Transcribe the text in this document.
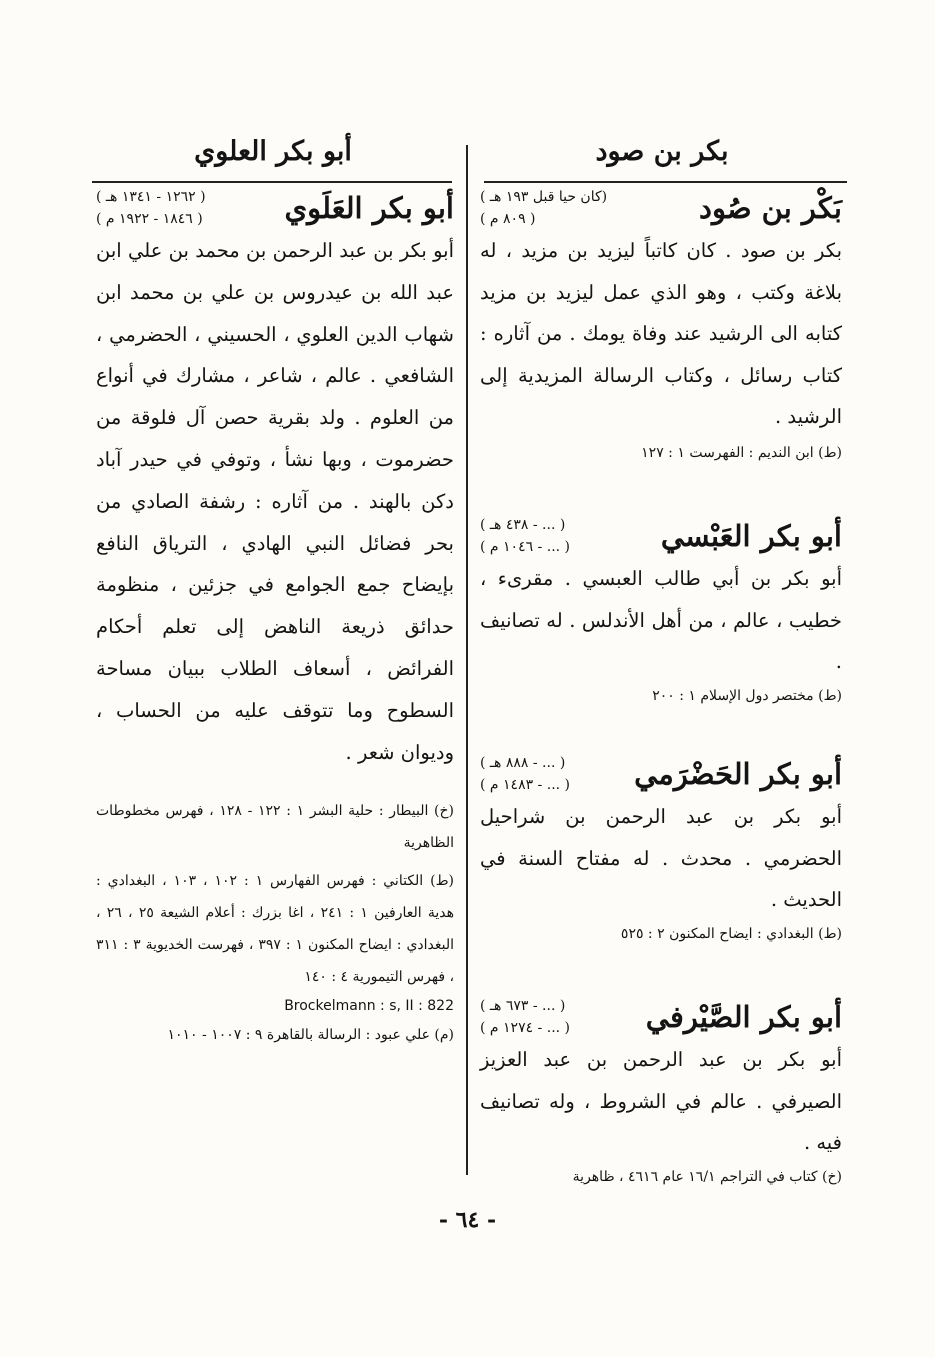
بكر بن صود
أبو بكر العلوي
بَكْر بن صُود
(كان حيا قبل ١٩٣ هـ )
( ٨٠٩ م )

بكر بن صود . كان كاتباً ليزيد بن مزيد ، له بلاغة وكتب ، وهو الذي عمل ليزيد بن مزيد كتابه الى الرشيد عند وفاة يومك . من آثاره : كتاب رسائل ، وكتاب الرسالة المزيدية إلى الرشيد .

(ط) ابن النديم : الفهرست ١ : ١٢٧

أبو بكر العَبْسي
( ... - ٤٣٨ هـ )
( ... - ١٠٤٦ م )

أبو بكر بن أبي طالب العبسي . مقرىء ، خطيب ، عالم ، من أهل الأندلس . له تصانيف .

(ط) مختصر دول الإسلام ١ : ٢٠٠

أبو بكر الحَضْرَمي
( ... - ٨٨٨ هـ )
( ... - ١٤٨٣ م )

أبو بكر بن عبد الرحمن بن شراحيل الحضرمي . محدث . له مفتاح السنة في الحديث .

(ط) البغدادي : ايضاح المكنون ٢ : ٥٢٥

أبو بكر الصَّيْرفي
( ... - ٦٧٣ هـ )
( ... - ١٢٧٤ م )

أبو بكر بن عبد الرحمن بن عبد العزيز الصيرفي . عالم في الشروط ، وله تصانيف فيه .

(خ) كتاب في التراجم ١٦/١ عام ٤٦١٦ ، ظاهرية

أبو بكر العَلَوي
( ١٢٦٢ - ١٣٤١ هـ )
( ١٨٤٦ - ١٩٢٢ م )

أبو بكر بن عبد الرحمن بن محمد بن علي ابن عبد الله بن عيدروس بن علي بن محمد ابن شهاب الدين العلوي ، الحسيني ، الحضرمي ، الشافعي . عالم ، شاعر ، مشارك في أنواع من العلوم . ولد بقرية حصن آل فلوقة من حضرموت ، وبها نشأ ، وتوفي في حيدر آباد دكن بالهند . من آثاره : رشفة الصادي من بحر فضائل النبي الهادي ، الترياق النافع بإيضاح جمع الجوامع في جزئين ، منظومة حدائق ذريعة الناهض إلى تعلم أحكام الفرائض ، أسعاف الطلاب ببيان مساحة السطوح وما تتوقف عليه من الحساب ، وديوان شعر .

(خ) البيطار : حلية البشر ١ : ١٢٢ - ١٢٨ ، فهرس مخطوطات الظاهرية

(ط) الكتاني : فهرس الفهارس ١ : ١٠٢ ، ١٠٣ ، البغدادي : هدية العارفين ١ : ٢٤١ ، اغا بزرك : أعلام الشيعة ٢٥ ، ٢٦ ، البغدادي : ايضاح المكنون ١ : ٣٩٧ ، فهرست الخديوية ٣ : ٣١١ ، فهرس التيمورية ٤ : ١٤٠

Brockelmann : s, II : 822

(م) علي عبود : الرسالة بالقاهرة ٩ : ١٠٠٧ - ١٠١٠

- ٦٤ -
